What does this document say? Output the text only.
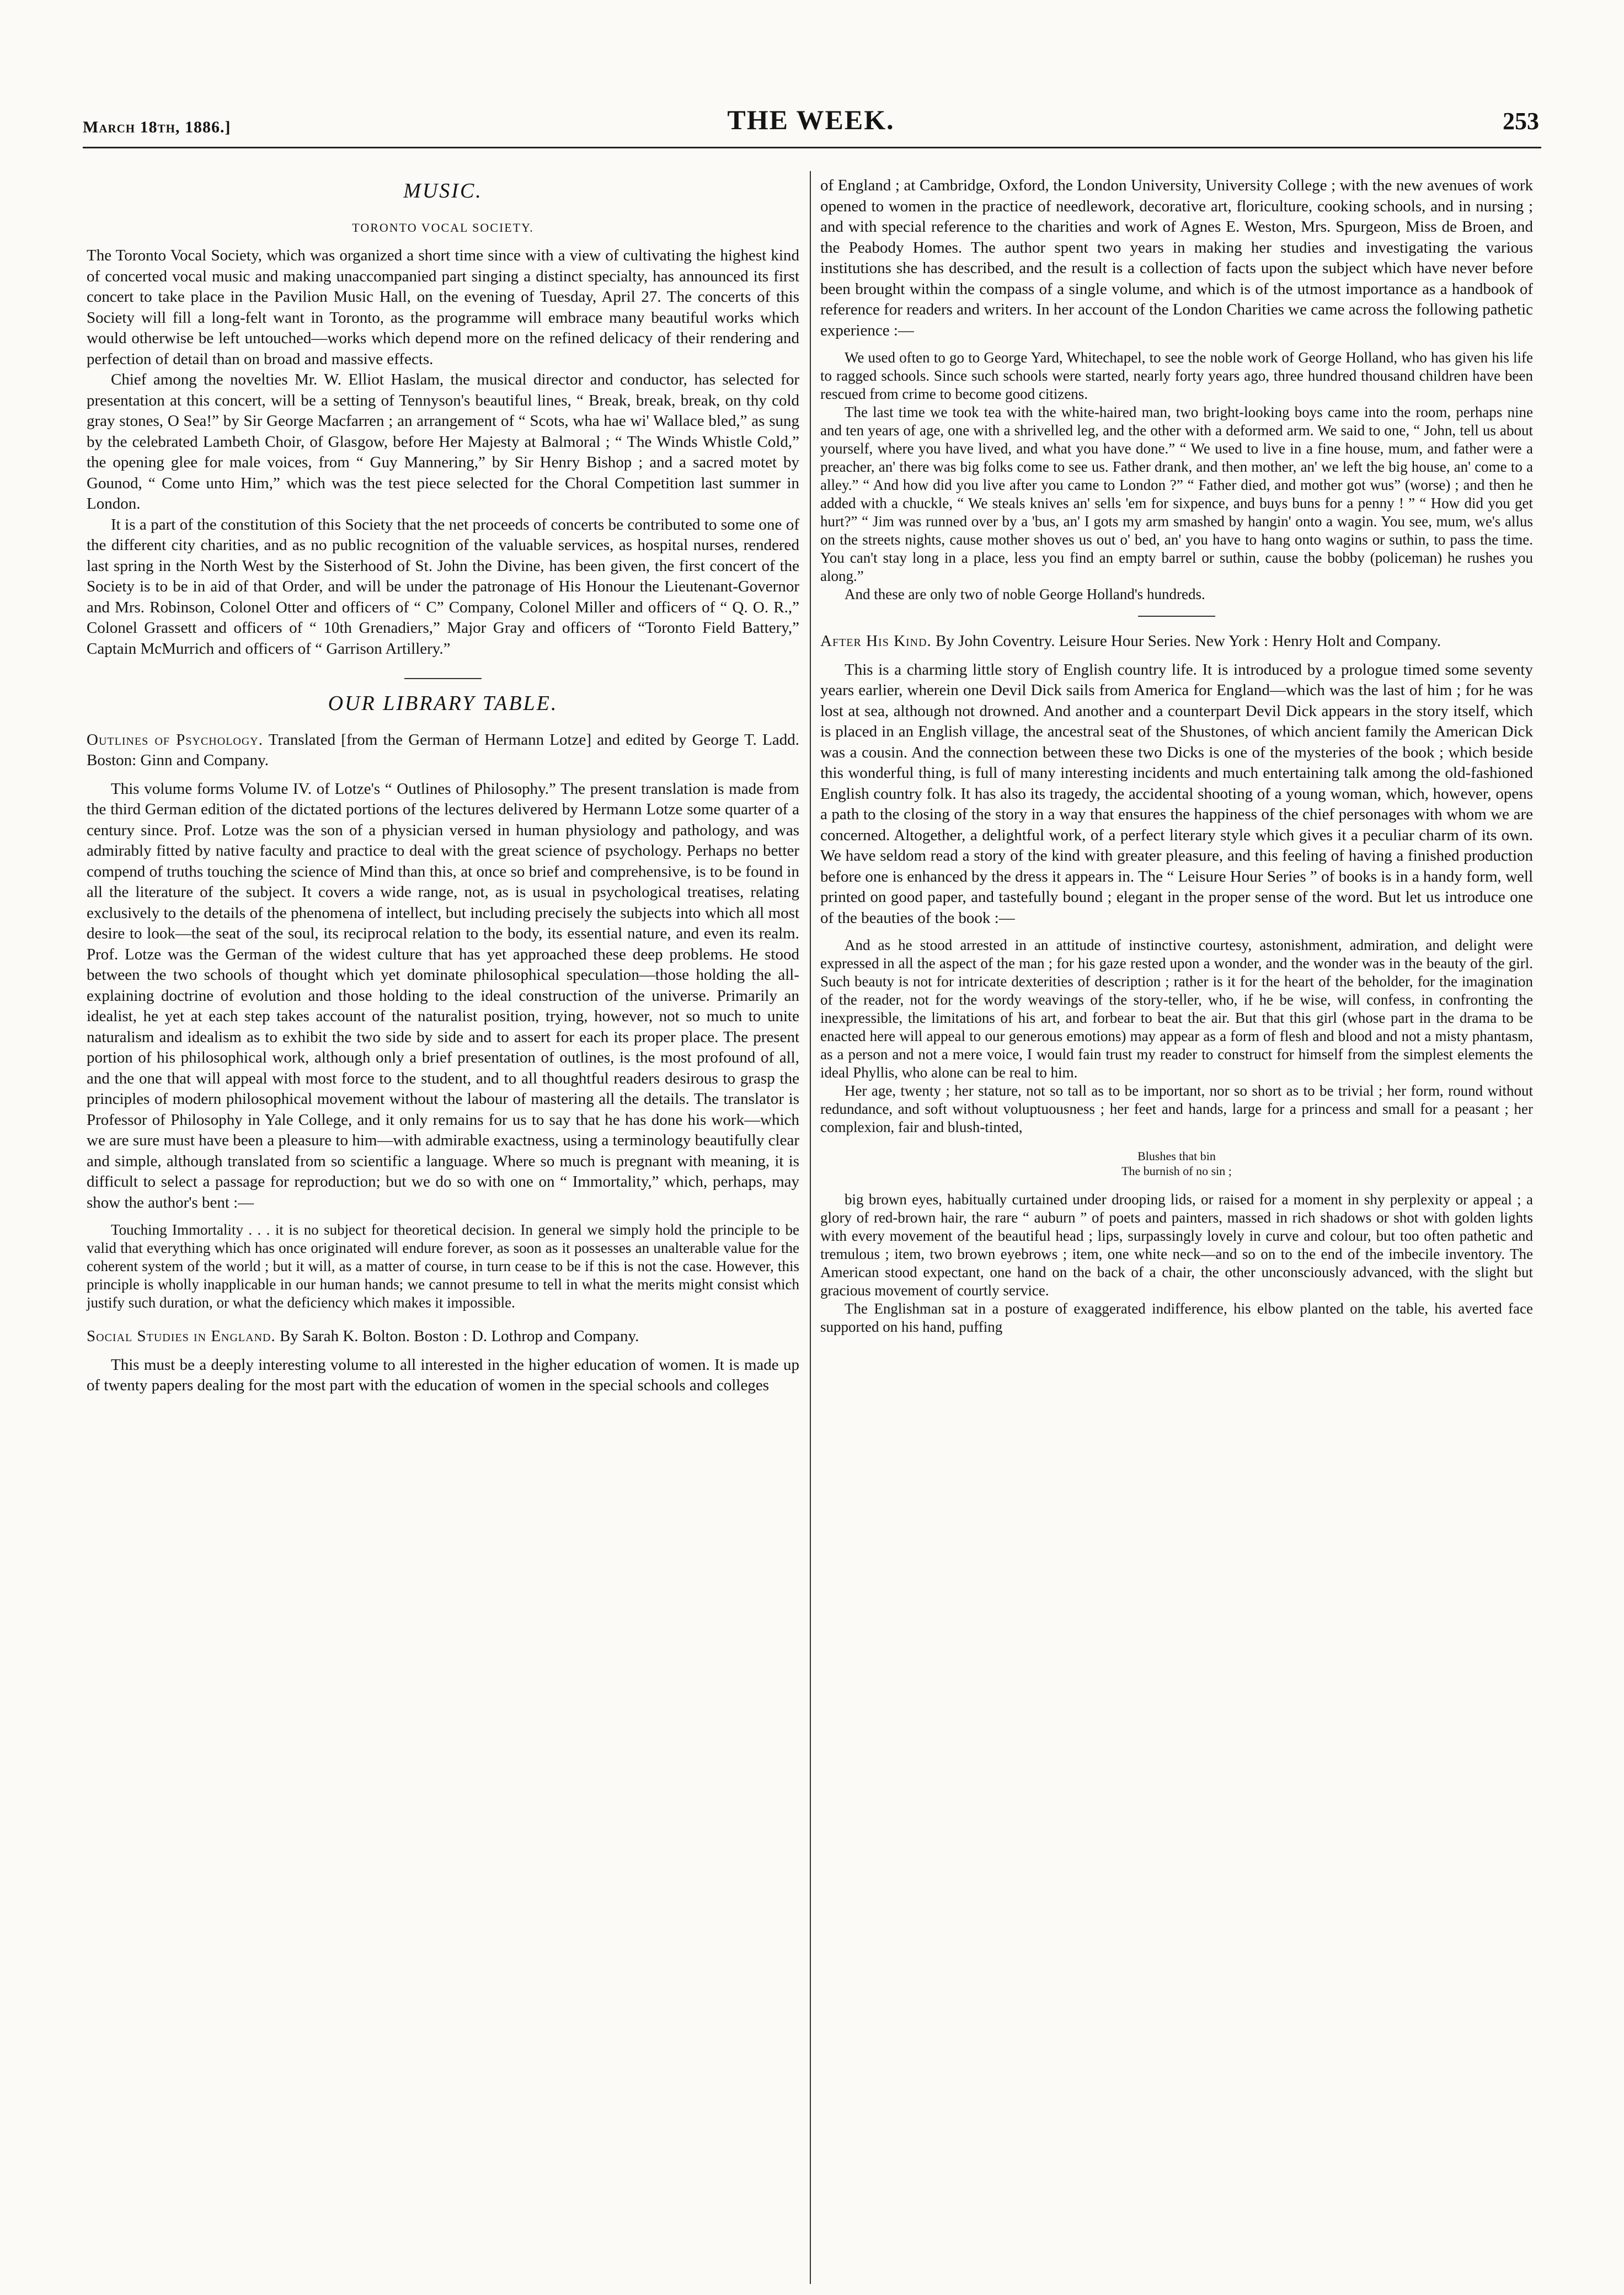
March 18th, 1886.]	THE WEEK.	253
MUSIC.
TORONTO VOCAL SOCIETY.

The Toronto Vocal Society, which was organized a short time since with a view of cultivating the highest kind of concerted vocal music and making unaccompanied part singing a distinct specialty, has announced its first concert to take place in the Pavilion Music Hall, on the evening of Tuesday, April 27. The concerts of this Society will fill a long-felt want in Toronto, as the programme will embrace many beautiful works which would otherwise be left untouched—works which depend more on the refined delicacy of their rendering and perfection of detail than on broad and massive effects.

Chief among the novelties Mr. W. Elliot Haslam, the musical director and conductor, has selected for presentation at this concert, will be a setting of Tennyson's beautiful lines, “ Break, break, break, on thy cold gray stones, O Sea!” by Sir George Macfarren ; an arrangement of “ Scots, wha hae wi' Wallace bled,” as sung by the celebrated Lambeth Choir, of Glasgow, before Her Majesty at Balmoral ; “ The Winds Whistle Cold,” the opening glee for male voices, from “ Guy Mannering,” by Sir Henry Bishop ; and a sacred motet by Gounod, “ Come unto Him,” which was the test piece selected for the Choral Competition last summer in London.

It is a part of the constitution of this Society that the net proceeds of concerts be contributed to some one of the different city charities, and as no public recognition of the valuable services, as hospital nurses, rendered last spring in the North West by the Sisterhood of St. John the Divine, has been given, the first concert of the Society is to be in aid of that Order, and will be under the patronage of His Honour the Lieutenant-Governor and Mrs. Robinson, Colonel Otter and officers of “ C” Company, Colonel Miller and officers of “ Q. O. R.,” Colonel Grassett and officers of “ 10th Grenadiers,” Major Gray and officers of “Toronto Field Battery,” Captain McMurrich and officers of “ Garrison Artillery.”

OUR LIBRARY TABLE.
Outlines of Psychology. Translated [from the German of Hermann Lotze] and edited by George T. Ladd. Boston: Ginn and Company.

This volume forms Volume IV. of Lotze's “ Outlines of Philosophy.” The present translation is made from the third German edition of the dictated portions of the lectures delivered by Hermann Lotze some quarter of a century since. Prof. Lotze was the son of a physician versed in human physiology and pathology, and was admirably fitted by native faculty and practice to deal with the great science of psychology. Perhaps no better compend of truths touching the science of Mind than this, at once so brief and comprehensive, is to be found in all the literature of the subject. It covers a wide range, not, as is usual in psychological treatises, relating exclusively to the details of the phenomena of intellect, but including precisely the subjects into which all most desire to look—the seat of the soul, its reciprocal relation to the body, its essential nature, and even its realm. Prof. Lotze was the German of the widest culture that has yet approached these deep problems. He stood between the two schools of thought which yet dominate philosophical speculation—those holding the all-explaining doctrine of evolution and those holding to the ideal construction of the universe. Primarily an idealist, he yet at each step takes account of the naturalist position, trying, however, not so much to unite naturalism and idealism as to exhibit the two side by side and to assert for each its proper place. The present portion of his philosophical work, although only a brief presentation of outlines, is the most profound of all, and the one that will appeal with most force to the student, and to all thoughtful readers desirous to grasp the principles of modern philosophical movement without the labour of mastering all the details. The translator is Professor of Philosophy in Yale College, and it only remains for us to say that he has done his work—which we are sure must have been a pleasure to him—with admirable exactness, using a terminology beautifully clear and simple, although translated from so scientific a language. Where so much is pregnant with meaning, it is difficult to select a passage for reproduction; but we do so with one on “ Immortality,” which, perhaps, may show the author's bent :—

Touching Immortality . . . it is no subject for theoretical decision. In general we simply hold the principle to be valid that everything which has once originated will endure forever, as soon as it possesses an unalterable value for the coherent system of the world ; but it will, as a matter of course, in turn cease to be if this is not the case. However, this principle is wholly inapplicable in our human hands; we cannot presume to tell in what the merits might consist which justify such duration, or what the deficiency which makes it impossible.

Social Studies in England. By Sarah K. Bolton. Boston : D. Lothrop and Company.

This must be a deeply interesting volume to all interested in the higher education of women. It is made up of twenty papers dealing for the most part with the education of women in the special schools and colleges

of England ; at Cambridge, Oxford, the London University, University College ; with the new avenues of work opened to women in the practice of needlework, decorative art, floriculture, cooking schools, and in nursing ; and with special reference to the charities and work of Agnes E. Weston, Mrs. Spurgeon, Miss de Broen, and the Peabody Homes. The author spent two years in making her studies and investigating the various institutions she has described, and the result is a collection of facts upon the subject which have never before been brought within the compass of a single volume, and which is of the utmost importance as a handbook of reference for readers and writers. In her account of the London Charities we came across the following pathetic experience :—

We used often to go to George Yard, Whitechapel, to see the noble work of George Holland, who has given his life to ragged schools. Since such schools were started, nearly forty years ago, three hundred thousand children have been rescued from crime to become good citizens.

The last time we took tea with the white-haired man, two bright-looking boys came into the room, perhaps nine and ten years of age, one with a shrivelled leg, and the other with a deformed arm. We said to one, “ John, tell us about yourself, where you have lived, and what you have done.” “ We used to live in a fine house, mum, and father were a preacher, an' there was big folks come to see us. Father drank, and then mother, an' we left the big house, an' come to a alley.” “ And how did you live after you came to London ?” “ Father died, and mother got wus” (worse) ; and then he added with a chuckle, “ We steals knives an' sells 'em for sixpence, and buys buns for a penny ! ” “ How did you get hurt?” “ Jim was runned over by a 'bus, an' I gots my arm smashed by hangin' onto a wagin. You see, mum, we's allus on the streets nights, cause mother shoves us out o' bed, an' you have to hang onto wagins or suthin, to pass the time. You can't stay long in a place, less you find an empty barrel or suthin, cause the bobby (policeman) he rushes you along.”

And these are only two of noble George Holland's hundreds.

After His Kind. By John Coventry. Leisure Hour Series. New York : Henry Holt and Company.

This is a charming little story of English country life. It is introduced by a prologue timed some seventy years earlier, wherein one Devil Dick sails from America for England—which was the last of him ; for he was lost at sea, although not drowned. And another and a counterpart Devil Dick appears in the story itself, which is placed in an English village, the ancestral seat of the Shustones, of which ancient family the American Dick was a cousin. And the connection between these two Dicks is one of the mysteries of the book ; which beside this wonderful thing, is full of many interesting incidents and much entertaining talk among the old-fashioned English country folk. It has also its tragedy, the accidental shooting of a young woman, which, however, opens a path to the closing of the story in a way that ensures the happiness of the chief personages with whom we are concerned. Altogether, a delightful work, of a perfect literary style which gives it a peculiar charm of its own. We have seldom read a story of the kind with greater pleasure, and this feeling of having a finished production before one is enhanced by the dress it appears in. The “ Leisure Hour Series ” of books is in a handy form, well printed on good paper, and tastefully bound ; elegant in the proper sense of the word. But let us introduce one of the beauties of the book :—

And as he stood arrested in an attitude of instinctive courtesy, astonishment, admiration, and delight were expressed in all the aspect of the man ; for his gaze rested upon a wonder, and the wonder was in the beauty of the girl. Such beauty is not for intricate dexterities of description ; rather is it for the heart of the beholder, for the imagination of the reader, not for the wordy weavings of the story-teller, who, if he be wise, will confess, in confronting the inexpressible, the limitations of his art, and forbear to beat the air. But that this girl (whose part in the drama to be enacted here will appeal to our generous emotions) may appear as a form of flesh and blood and not a misty phantasm, as a person and not a mere voice, I would fain trust my reader to construct for himself from the simplest elements the ideal Phyllis, who alone can be real to him.

Her age, twenty ; her stature, not so tall as to be important, nor so short as to be trivial ; her form, round without redundance, and soft without voluptuousness ; her feet and hands, large for a princess and small for a peasant ; her complexion, fair and blush-tinted,

Blushes that bin
The burnish of no sin ;

big brown eyes, habitually curtained under drooping lids, or raised for a moment in shy perplexity or appeal ; a glory of red-brown hair, the rare “ auburn ” of poets and painters, massed in rich shadows or shot with golden lights with every movement of the beautiful head ; lips, surpassingly lovely in curve and colour, but too often pathetic and tremulous ; item, two brown eyebrows ; item, one white neck—and so on to the end of the imbecile inventory. The American stood expectant, one hand on the back of a chair, the other unconsciously advanced, with the slight but gracious movement of courtly service.

The Englishman sat in a posture of exaggerated indifference, his elbow planted on the table, his averted face supported on his hand, puffing
